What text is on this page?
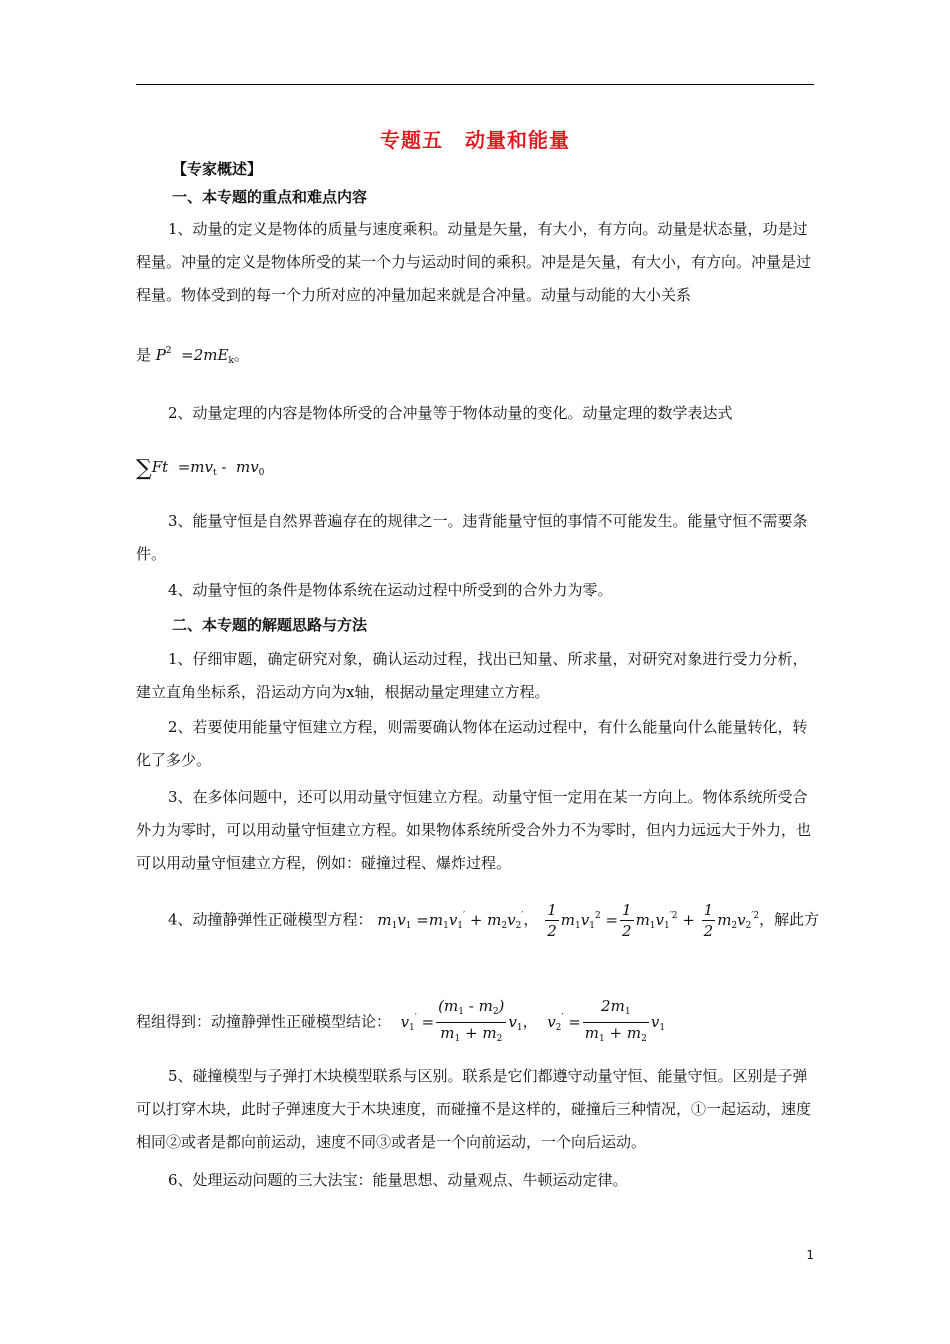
专题五 动量和能量
【专家概述】
一、本专题的重点和难点内容
1、动量的定义是物体的质量与速度乘积。动量是矢量，有大小，有方向。动量是状态量，功是过程量。冲量的定义是物体所受的某一个力与运动时间的乘积。冲是是矢量，有大小，有方向。冲量是过程量。物体受到的每一个力所对应的冲量加起来就是合冲量。动量与动能的大小关系
是 $P^2 =2mE_k$。
2、动量定理的内容是物体所受的合冲量等于物体动量的变化。动量定理的数学表达式
$\sum Ft =mv_t - mv_0$
3、能量守恒是自然界普遍存在的规律之一。违背能量守恒的事情不可能发生。能量守恒不需要条件。
4、动量守恒的条件是物体系统在运动过程中所受到的合外力为零。
二、本专题的解题思路与方法
1、仔细审题，确定研究对象，确认运动过程，找出已知量、所求量，对研究对象进行受力分析，建立直角坐标系，沿运动方向为x轴，根据动量定理建立方程。
2、若要使用能量守恒建立方程，则需要确认物体在运动过程中，有什么能量向什么能量转化，转化了多少。
3、在多体问题中，还可以用动量守恒建立方程。动量守恒一定用在某一方向上。物体系统所受合外力为零时，可以用动量守恒建立方程。如果物体系统所受合外力不为零时，但内力远远大于外力，也可以用动量守恒建立方程，例如：碰撞过程、爆炸过程。
4、动撞静弹性正碰模型方程： $m_1v_1 =m_1v_1' + m_2v_2'$， $\frac{1}{2} m_1v_1^2 = \frac{1}{2} m_1v_1^{'2} + \frac{1}{2} m_2v_2^{'2}$，解此方
程组得到：动撞静弹性正碰模型结论：  $v_1' = \frac{(m_1 - m_2)}{m_1 + m_2} v_1$，  $v_2' = \frac{2m_1}{m_1 + m_2} v_1$
5、碰撞模型与子弹打木块模型联系与区别。联系是它们都遵守动量守恒、能量守恒。区别是子弹可以打穿木块，此时子弹速度大于木块速度，而碰撞不是这样的，碰撞后三种情况，①一起运动，速度相同②或者是都向前运动，速度不同③或者是一个向前运动，一个向后运动。
6、处理运动问题的三大法宝：能量思想、动量观点、牛顿运动定律。
1
